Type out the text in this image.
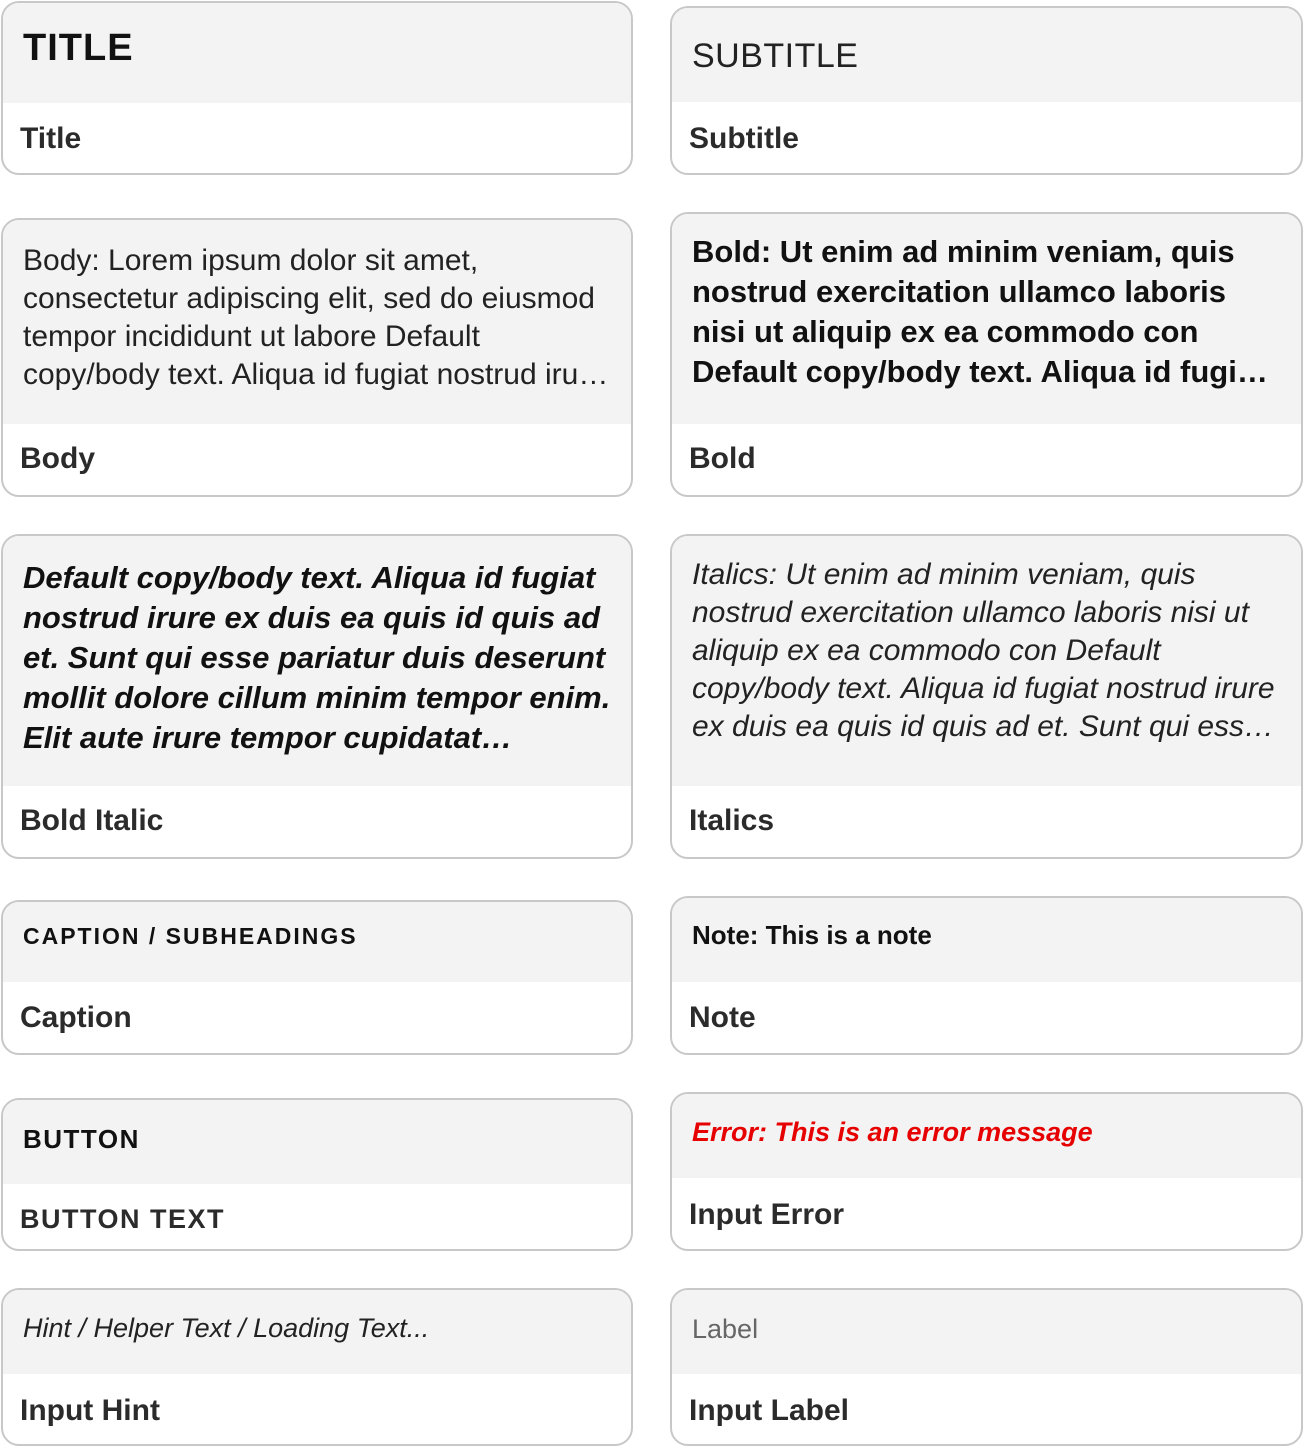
TITLE
Title
SUBTITLE
Subtitle
Body: Lorem ipsum dolor sit amet, consectetur adipiscing elit, sed do eiusmod tempor incididunt ut labore Default copy/body text. Aliqua id fugiat nostrud irure
Body
Bold: Ut enim ad minim veniam, quis nostrud exercitation ullamco laboris nisi ut aliquip ex ea commodo con Default copy/body text. Aliqua id fugiat
Bold
Default copy/body text. Aliqua id fugiat nostrud irure ex duis ea quis id quis ad et. Sunt qui esse pariatur duis deserunt mollit dolore cillum minim tempor enim. Elit aute irure tempor cupidatat
Bold Italic
Italics: Ut enim ad minim veniam, quis nostrud exercitation ullamco laboris nisi ut aliquip ex ea commodo con Default copy/body text. Aliqua id fugiat nostrud irure ex duis ea quis id quis ad et. Sunt qui esse
Italics
CAPTION / SUBHEADINGS
Caption
Note: This is a note
Note
BUTTON
BUTTON TEXT
Error: This is an error message
Input Error
Hint / Helper Text / Loading Text...
Input Hint
Label
Input Label
